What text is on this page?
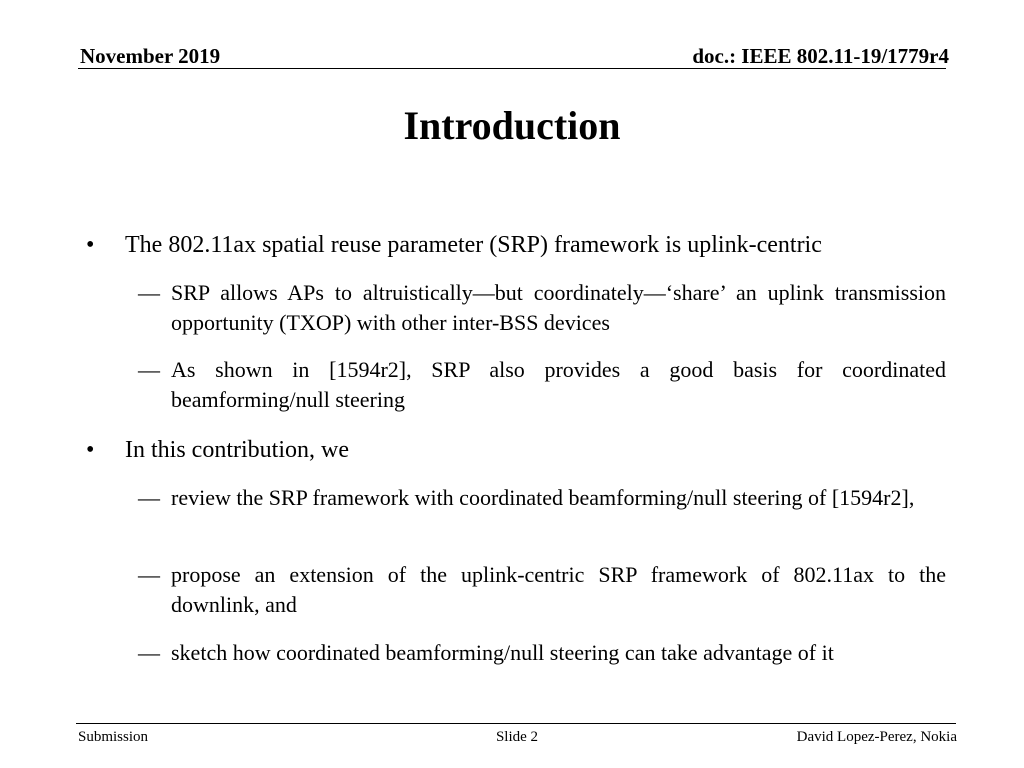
November 2019	doc.: IEEE 802.11-19/1779r4
Introduction
• The 802.11ax spatial reuse parameter (SRP) framework is uplink-centric
— SRP allows APs to altruistically—but coordinately—‘share’ an uplink transmission opportunity (TXOP) with other inter-BSS devices
— As shown in [1594r2], SRP also provides a good basis for coordinated beamforming/null steering
• In this contribution, we
— review the SRP framework with coordinated beamforming/null steering of [1594r2],
— propose an extension of the uplink-centric SRP framework of 802.11ax to the downlink, and
— sketch how coordinated beamforming/null steering can take advantage of it
Submission	Slide 2	David Lopez-Perez, Nokia
